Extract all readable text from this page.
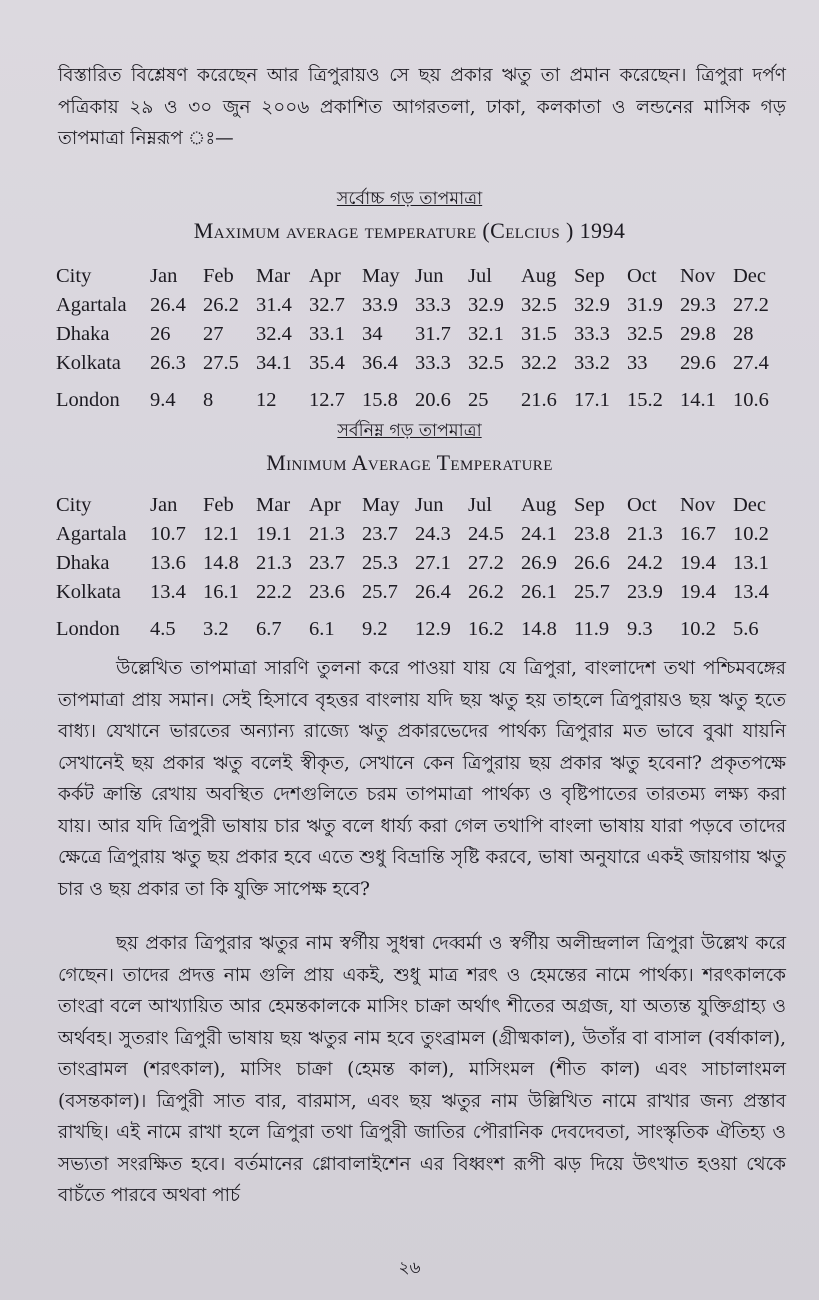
বিস্তারিত বিশ্লেষণ করেছেন আর ত্রিপুরায়ও সে ছয় প্রকার ঋতু তা প্রমান করেছেন। ত্রিপুরা দর্পণ পত্রিকায় ২৯ ও ৩০ জুন ২০০৬ প্রকাশিত আগরতলা, ঢাকা, কলকাতা ও লন্ডনের মাসিক গড় তাপমাত্রা নিম্নরূপ ঃ—
সর্বোচ্চ গড় তাপমাত্রা
Maximum average temperature (Celcius ) 1994
City	Jan	Feb	Mar	Apr	May	Jun	Jul	Aug	Sep	Oct	Nov	Dec
Agartala	26.4	26.2	31.4	32.7	33.9	33.3	32.9	32.5	32.9	31.9	29.3	27.2
Dhaka	26	27	32.4	33.1	34	31.7	32.1	31.5	33.3	32.5	29.8	28
Kolkata	26.3	27.5	34.1	35.4	36.4	33.3	32.5	32.2	33.2	33	29.6	27.4
London	9.4	8	12	12.7	15.8	20.6	25	21.6	17.1	15.2	14.1	10.6
সর্বনিম্ন গড় তাপমাত্রা
Minimum Average Temperature
City	Jan	Feb	Mar	Apr	May	Jun	Jul	Aug	Sep	Oct	Nov	Dec
Agartala	10.7	12.1	19.1	21.3	23.7	24.3	24.5	24.1	23.8	21.3	16.7	10.2
Dhaka	13.6	14.8	21.3	23.7	25.3	27.1	27.2	26.9	26.6	24.2	19.4	13.1
Kolkata	13.4	16.1	22.2	23.6	25.7	26.4	26.2	26.1	25.7	23.9	19.4	13.4
London	4.5	3.2	6.7	6.1	9.2	12.9	16.2	14.8	11.9	9.3	10.2	5.6
উল্লেখিত তাপমাত্রা সারণি তুলনা করে পাওয়া যায় যে ত্রিপুরা, বাংলাদেশ তথা পশ্চিমবঙ্গের তাপমাত্রা প্রায় সমান। সেই হিসাবে বৃহত্তর বাংলায় যদি ছয় ঋতু হয় তাহলে ত্রিপুরায়ও ছয় ঋতু হতে বাধ্য। যেখানে ভারতের অন্যান্য রাজ্যে ঋতু প্রকারভেদের পার্থক্য ত্রিপুরার মত ভাবে বুঝা যায়নি সেখানেই ছয় প্রকার ঋতু বলেই স্বীকৃত, সেখানে কেন ত্রিপুরায় ছয় প্রকার ঋতু হবেনা? প্রকৃতপক্ষে কর্কট ক্রান্তি রেখায় অবস্থিত দেশগুলিতে চরম তাপমাত্রা পার্থক্য ও বৃষ্টিপাতের তারতম্য লক্ষ্য করা যায়। আর যদি ত্রিপুরী ভাষায় চার ঋতু বলে ধার্য্য করা গেল তথাপি বাংলা ভাষায় যারা পড়বে তাদের ক্ষেত্রে ত্রিপুরায় ঋতু ছয় প্রকার হবে এতে শুধু বিভ্রান্তি সৃষ্টি করবে, ভাষা অনুযারে একই জায়গায় ঋতু চার ও ছয় প্রকার তা কি যুক্তি সাপেক্ষ হবে?
ছয় প্রকার ত্রিপুরার ঋতুর নাম স্বর্গীয় সুধন্বা দেব্বর্মা ও স্বর্গীয় অলীন্দ্রলাল ত্রিপুরা উল্লেখ করে গেছেন। তাদের প্রদত্ত নাম গুলি প্রায় একই, শুধু মাত্র শরৎ ও হেমন্তের নামে পার্থক্য। শরৎকালকে তাংব্রা বলে আখ্যায়িত আর হেমন্তকালকে মাসিং চাক্রা অর্থাৎ শীতের অগ্রজ, যা অত্যন্ত যুক্তিগ্রাহ্য ও অর্থবহ। সুতরাং ত্রিপুরী ভাষায় ছয় ঋতুর নাম হবে তুংব্রামল (গ্রীষ্মকাল), উতাঁর বা বাসাল (বর্ষাকাল), তাংব্রামল (শরৎকাল), মাসিং চাক্রা (হেমন্ত কাল), মাসিংমল (শীত কাল) এবং সাচালাংমল (বসন্তকাল)। ত্রিপুরী সাত বার, বারমাস, এবং ছয় ঋতুর নাম উল্লিখিত নামে রাখার জন্য প্রস্তাব রাখছি। এই নামে রাখা হলে ত্রিপুরা তথা ত্রিপুরী জাতির পৌরানিক দেবদেবতা, সাংস্কৃতিক ঐতিহ্য ও সভ্যতা সংরক্ষিত হবে। বর্তমানের গ্লোবালাইশেন এর বিধ্বংশ রূপী ঝড় দিয়ে উৎখাত হওয়া থেকে বাচঁতে পারবে অথবা পার্চ
২৬
